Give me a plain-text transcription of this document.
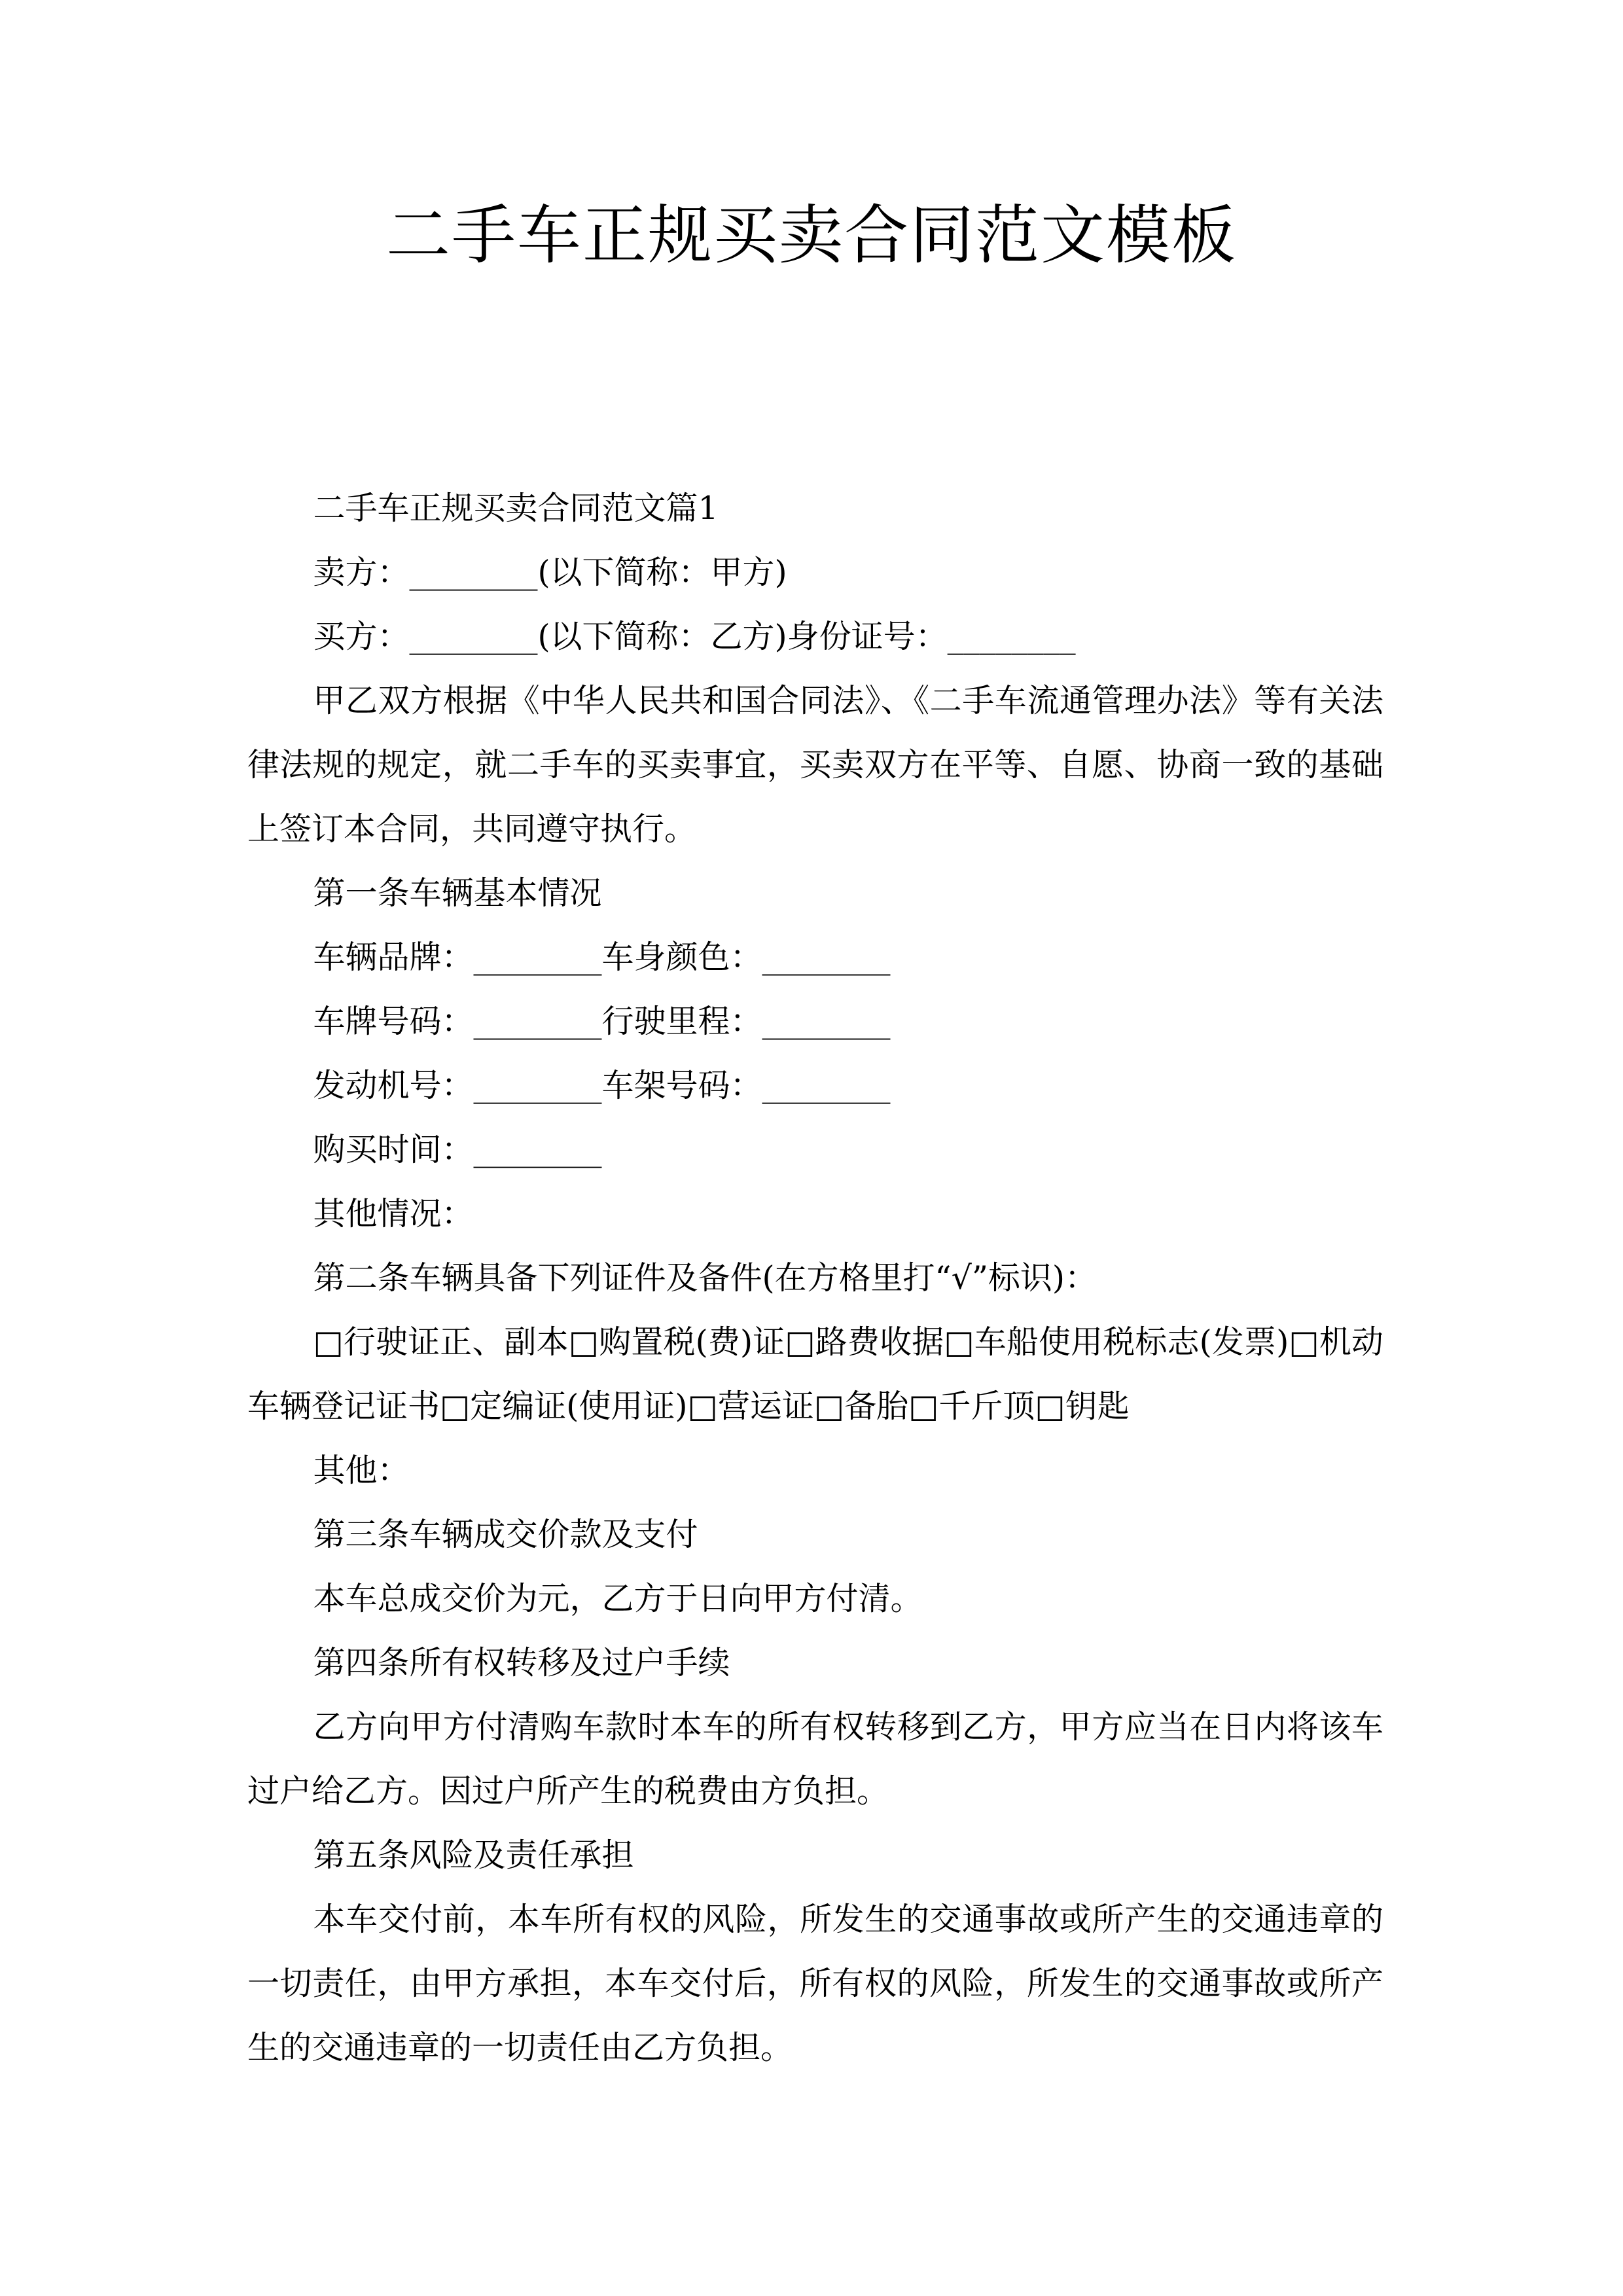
二手车正规买卖合同范文模板

二手车正规买卖合同范文篇1

卖方：________(以下简称：甲方)

买方：________(以下简称：乙方)身份证号：________

甲乙双方根据《中华人民共和国合同法》、《二手车流通管理办法》等有关法律法规的规定，就二手车的买卖事宜，买卖双方在平等、自愿、协商一致的基础上签订本合同，共同遵守执行。

第一条车辆基本情况

车辆品牌：________车身颜色：________

车牌号码：________行驶里程：________

发动机号：________车架号码：________

购买时间：________

其他情况：

第二条车辆具备下列证件及备件(在方格里打“√”标识)：

□行驶证正、副本□购置税(费)证□路费收据□车船使用税标志(发票)□机动车辆登记证书□定编证(使用证)□营运证□备胎□千斤顶□钥匙

其他：

第三条车辆成交价款及支付

本车总成交价为元，乙方于日向甲方付清。

第四条所有权转移及过户手续

乙方向甲方付清购车款时本车的所有权转移到乙方，甲方应当在日内将该车过户给乙方。因过户所产生的税费由方负担。

第五条风险及责任承担

本车交付前，本车所有权的风险，所发生的交通事故或所产生的交通违章的一切责任，由甲方承担，本车交付后，所有权的风险，所发生的交通事故或所产生的交通违章的一切责任由乙方负担。
